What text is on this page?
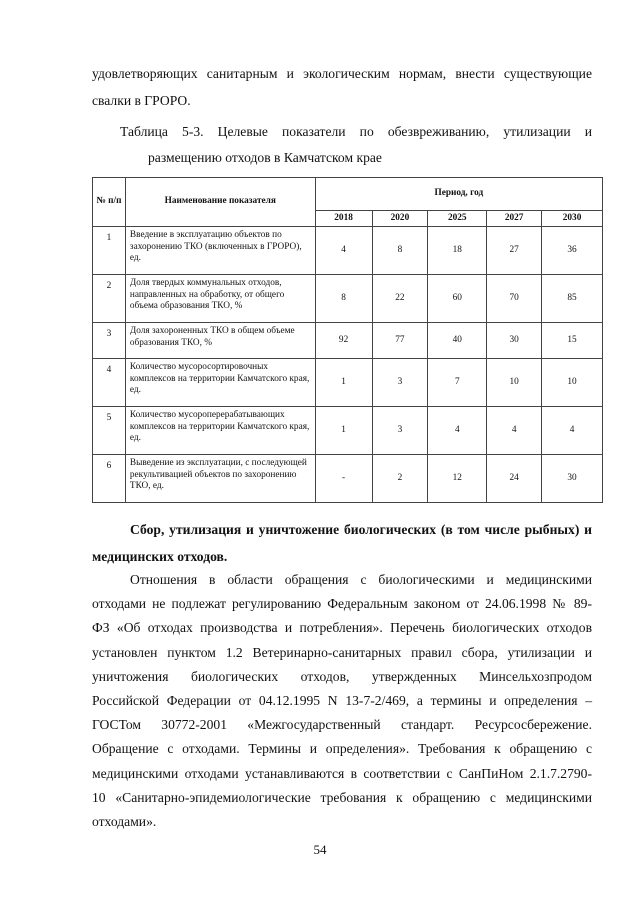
удовлетворяющих санитарным и экологическим нормам, внести существующие
свалки в ГРОРО.
Таблица 5-3. Целевые показатели по обезвреживанию, утилизации и
размещению отходов в Камчатском крае
№ п/п	Наименование показателя	Период, год				
		2018	2020	2025	2027	2030
1	Введение в эксплуатацию объектов по захоронению ТКО (включенных в ГРОРО), ед.	4	8	18	27	36
2	Доля твердых коммунальных отходов, направленных на обработку, от общего объема образования ТКО, %	8	22	60	70	85
3	Доля захороненных ТКО в общем объеме образования ТКО, %	92	77	40	30	15
4	Количество мусоросортировочных комплексов на территории Камчатского края, ед.	1	3	7	10	10
5	Количество мусороперерабатывающих комплексов на территории Камчатского края, ед.	1	3	4	4	4
6	Выведение из эксплуатации, с последующей рекультивацией объектов по захоронению ТКО, ед.	-	2	12	24	30
Сбор, утилизация и уничтожение биологических (в том числе рыбных) и
медицинских отходов.
Отношения в области обращения с биологическими и медицинскими
отходами не подлежат регулированию Федеральным законом от 24.06.1998 № 89-
ФЗ «Об отходах производства и потребления». Перечень биологических отходов
установлен пунктом 1.2 Ветеринарно-санитарных правил сбора, утилизации и
уничтожения биологических отходов, утвержденных Минсельхозпродом
Российской Федерации от 04.12.1995 N 13-7-2/469, а термины и определения –
ГОСТом 30772-2001 «Межгосударственный стандарт. Ресурсосбережение.
Обращение с отходами. Термины и определения». Требования к обращению с
медицинскими отходами устанавливаются в соответствии с СанПиНом 2.1.7.2790-
10 «Санитарно-эпидемиологические требования к обращению с медицинскими
отходами».
54
